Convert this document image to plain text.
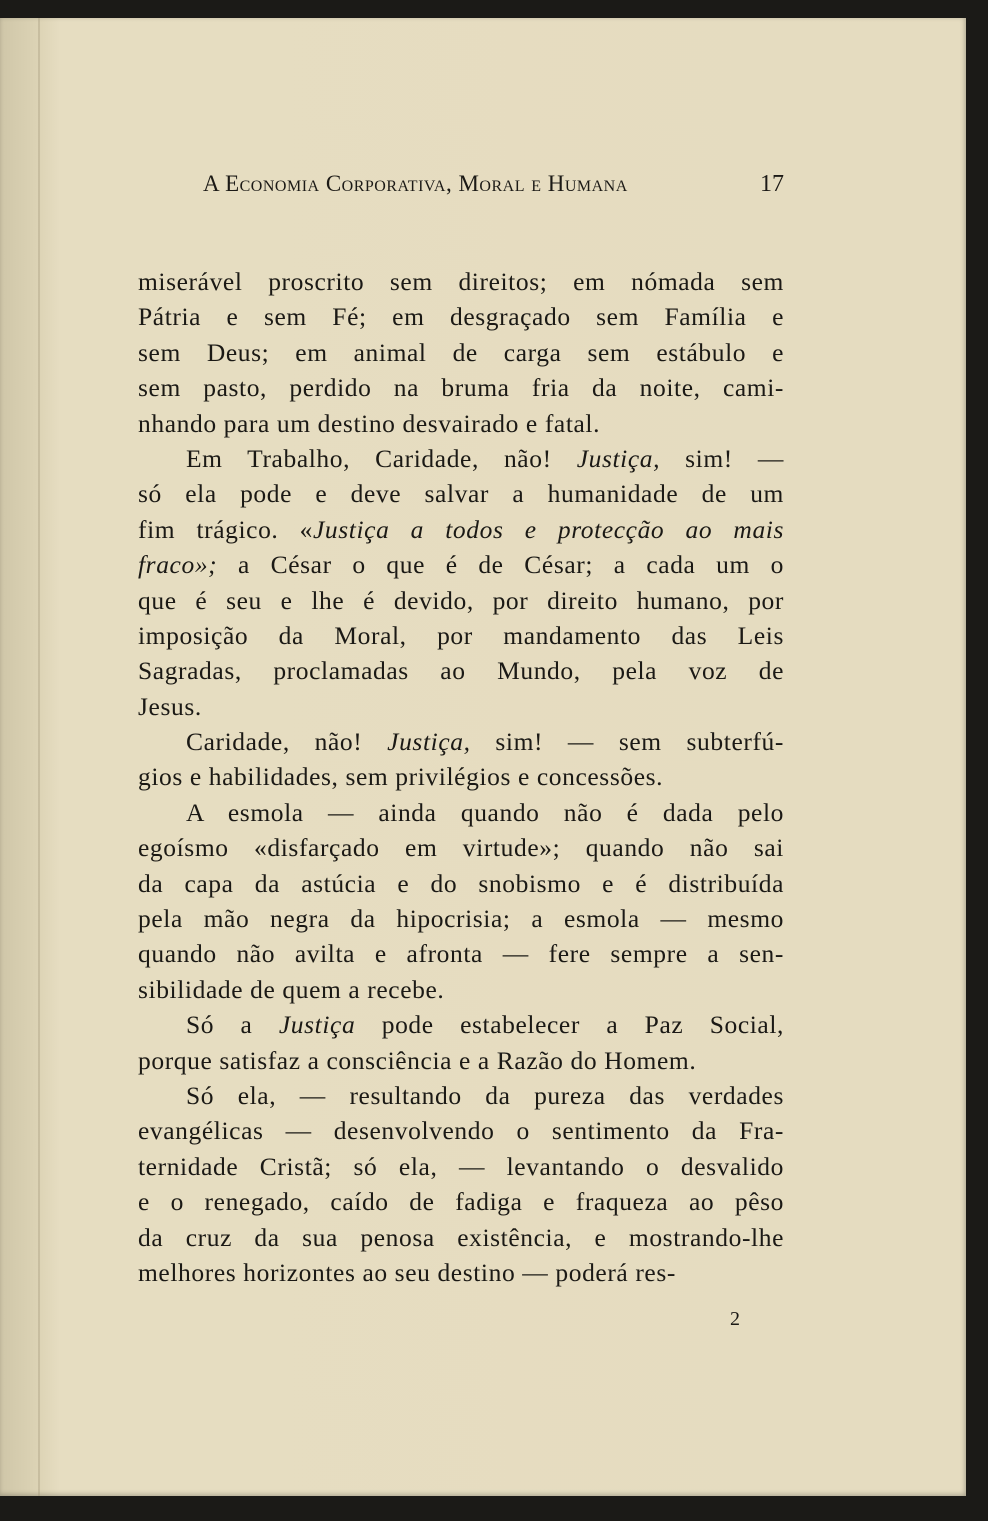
A Economia Corporativa, Moral e Humana	17
miserável proscrito sem direitos; em nómada sem
Pátria e sem Fé; em desgraçado sem Família e
sem Deus; em animal de carga sem estábulo e
sem pasto, perdido na bruma fria da noite, cami-
nhando para um destino desvairado e fatal.
Em Trabalho, Caridade, não! Justiça, sim! —
só ela pode e deve salvar a humanidade de um
fim trágico. «Justiça a todos e protecção ao mais
fraco»; a César o que é de César; a cada um o
que é seu e lhe é devido, por direito humano, por
imposição da Moral, por mandamento das Leis
Sagradas, proclamadas ao Mundo, pela voz de
Jesus.
Caridade, não! Justiça, sim! — sem subterfú-
gios e habilidades, sem privilégios e concessões.
A esmola — ainda quando não é dada pelo
egoísmo «disfarçado em virtude»; quando não sai
da capa da astúcia e do snobismo e é distribuída
pela mão negra da hipocrisia; a esmola — mesmo
quando não avilta e afronta — fere sempre a sen-
sibilidade de quem a recebe.
Só a Justiça pode estabelecer a Paz Social,
porque satisfaz a consciência e a Razão do Homem.
Só ela, — resultando da pureza das verdades
evangélicas — desenvolvendo o sentimento da Fra-
ternidade Cristã; só ela, — levantando o desvalido
e o renegado, caído de fadiga e fraqueza ao pêso
da cruz da sua penosa existência, e mostrando-lhe
melhores horizontes ao seu destino — poderá res-
2
